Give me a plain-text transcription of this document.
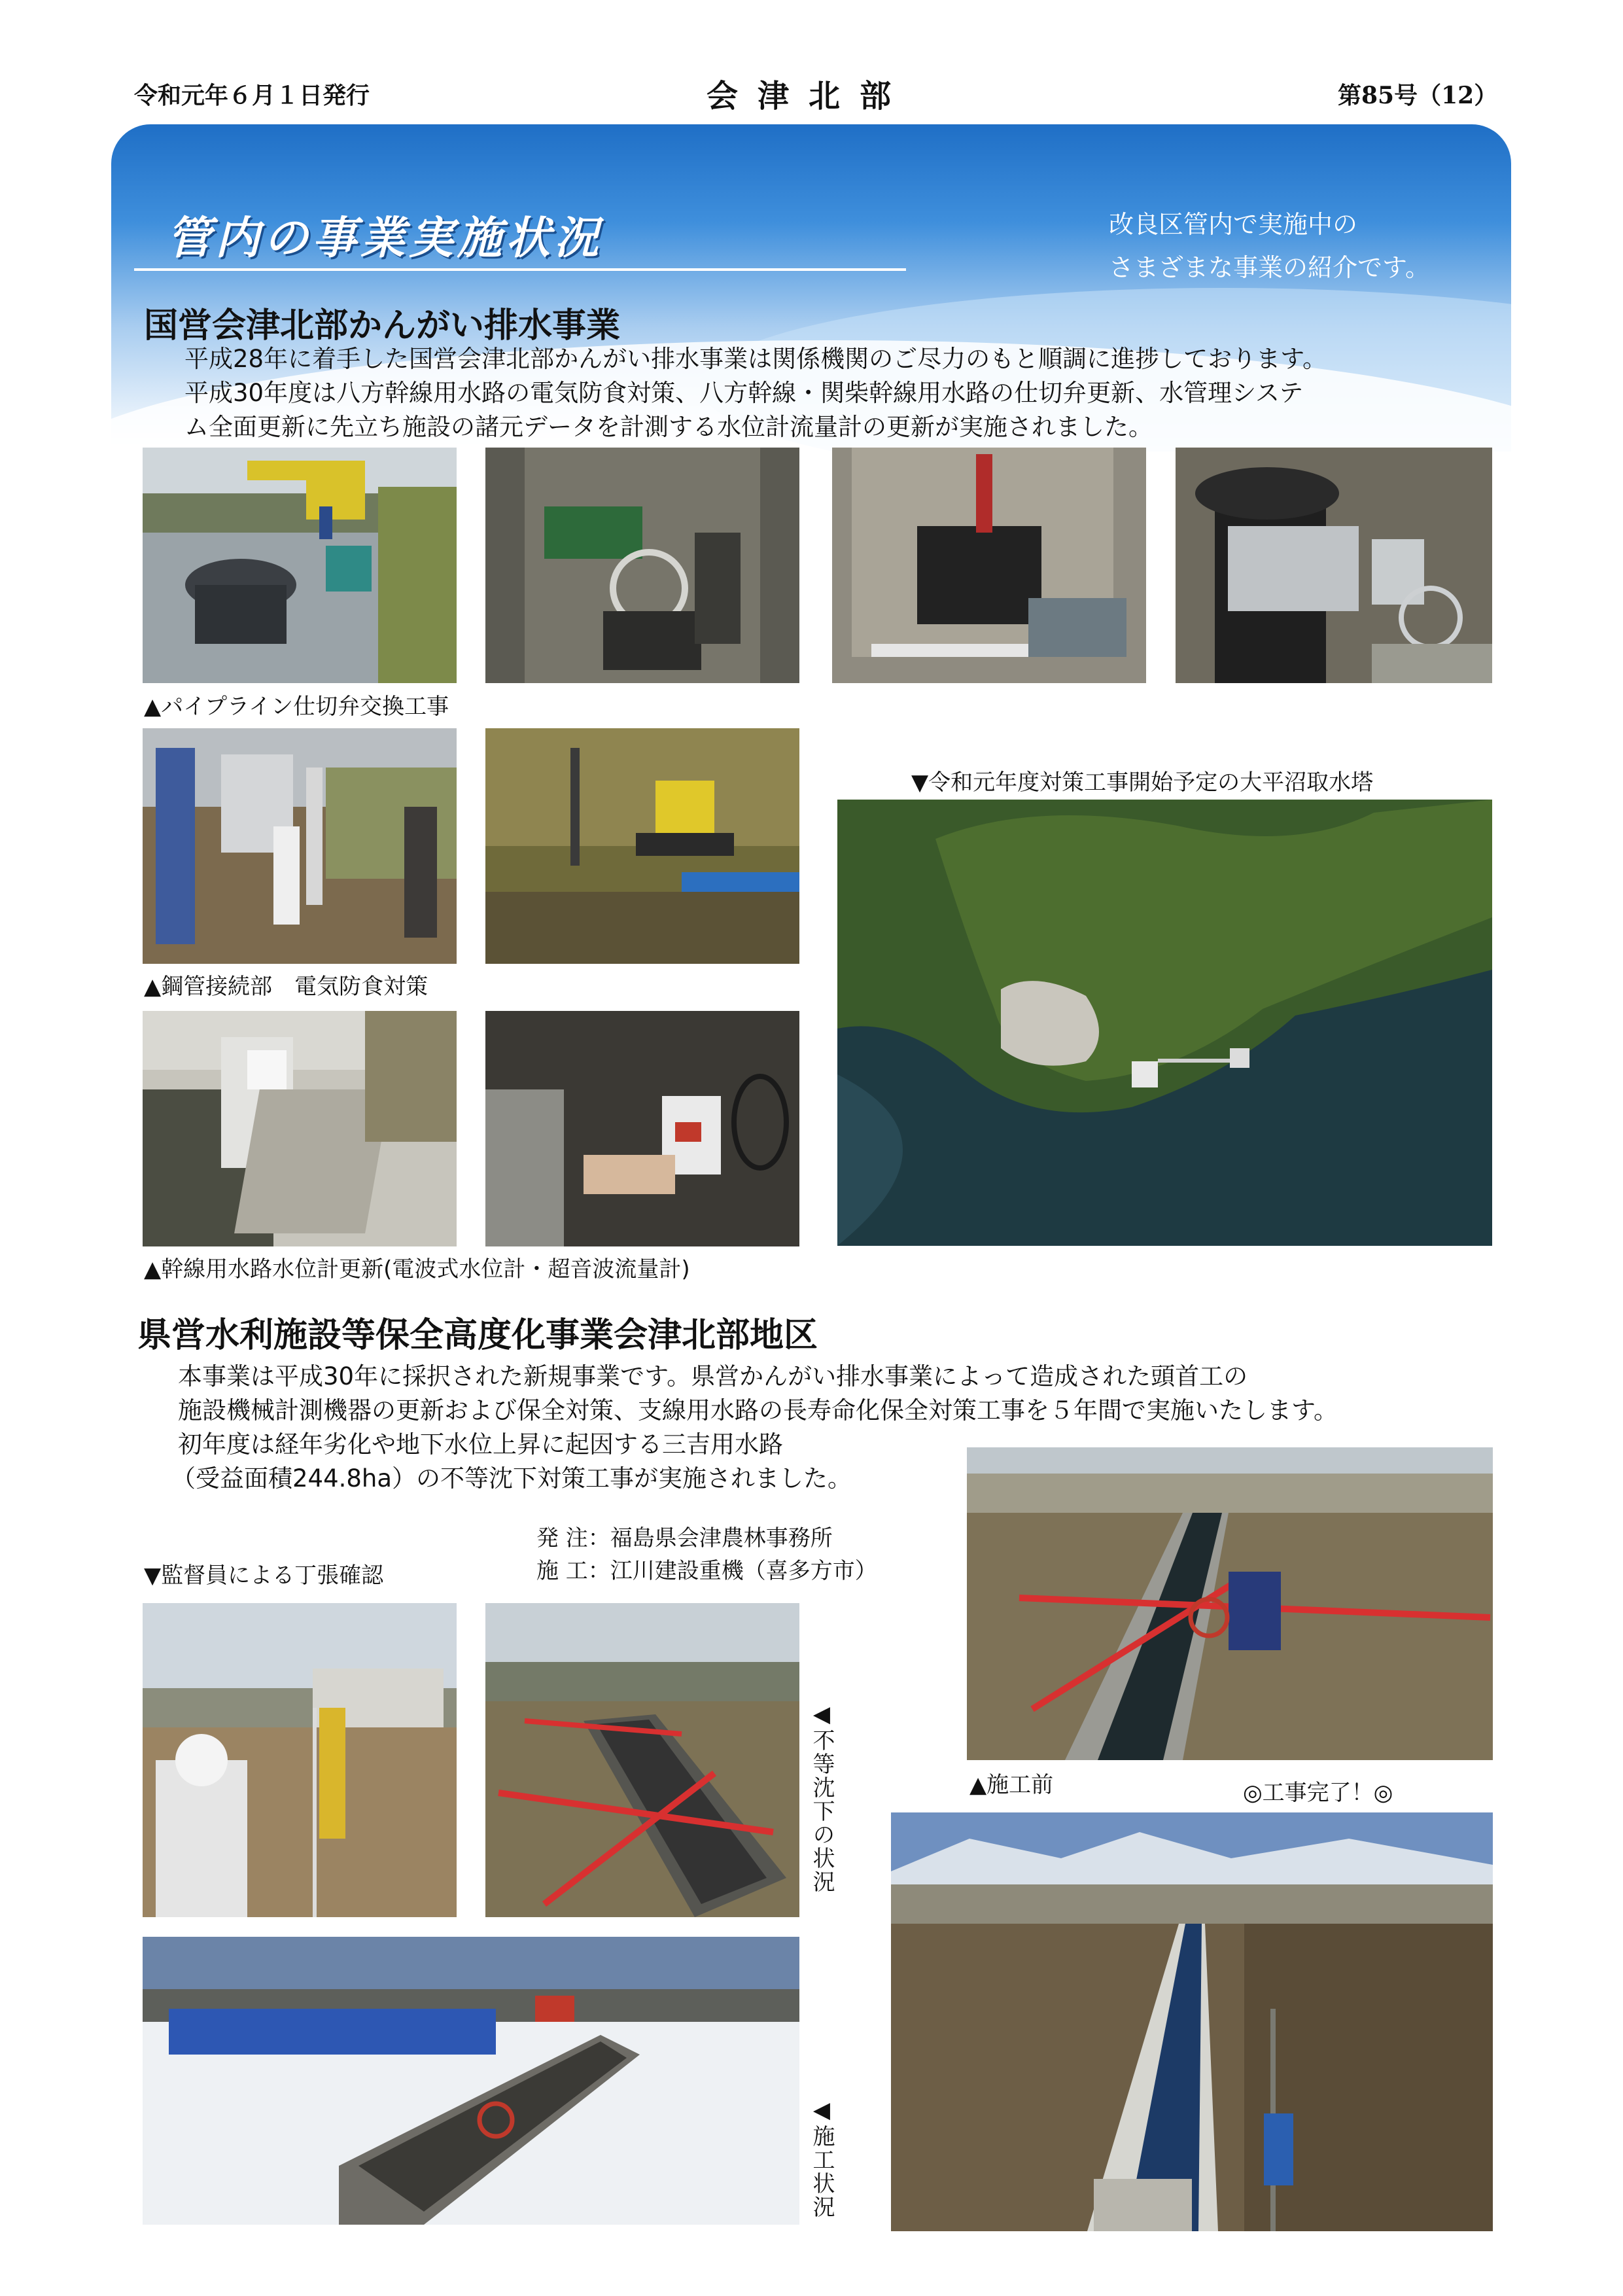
令和元年６月１日発行	会津北部	第85号（12）
管内の事業実施状況	改良区管内で実施中の
さまざまな事業の紹介です。
国営会津北部かんがい排水事業
平成28年に着手した国営会津北部かんがい排水事業は関係機関のご尽力のもと順調に進捗しております。
平成30年度は八方幹線用水路の電気防食対策、八方幹線・関柴幹線用水路の仕切弁更新、水管理システ
ム全面更新に先立ち施設の諸元データを計測する水位計流量計の更新が実施されました。
▲パイプライン仕切弁交換工事
▲鋼管接続部　電気防食対策
▼令和元年度対策工事開始予定の大平沼取水塔
▲幹線用水路水位計更新(電波式水位計・超音波流量計)
県営水利施設等保全高度化事業会津北部地区
本事業は平成30年に採択された新規事業です。県営かんがい排水事業によって造成された頭首工の
施設機械計測機器の更新および保全対策、支線用水路の長寿命化保全対策工事を５年間で実施いたします。
初年度は経年劣化や地下水位上昇に起因する三吉用水路
（受益面積244.8ha）の不等沈下対策工事が実施されました。
発 注：福島県会津農林事務所
施 工：江川建設重機（喜多方市）
▼監督員による丁張確認
◀不等沈下の状況
◀施工状況
▲施工前	◎工事完了！◎
